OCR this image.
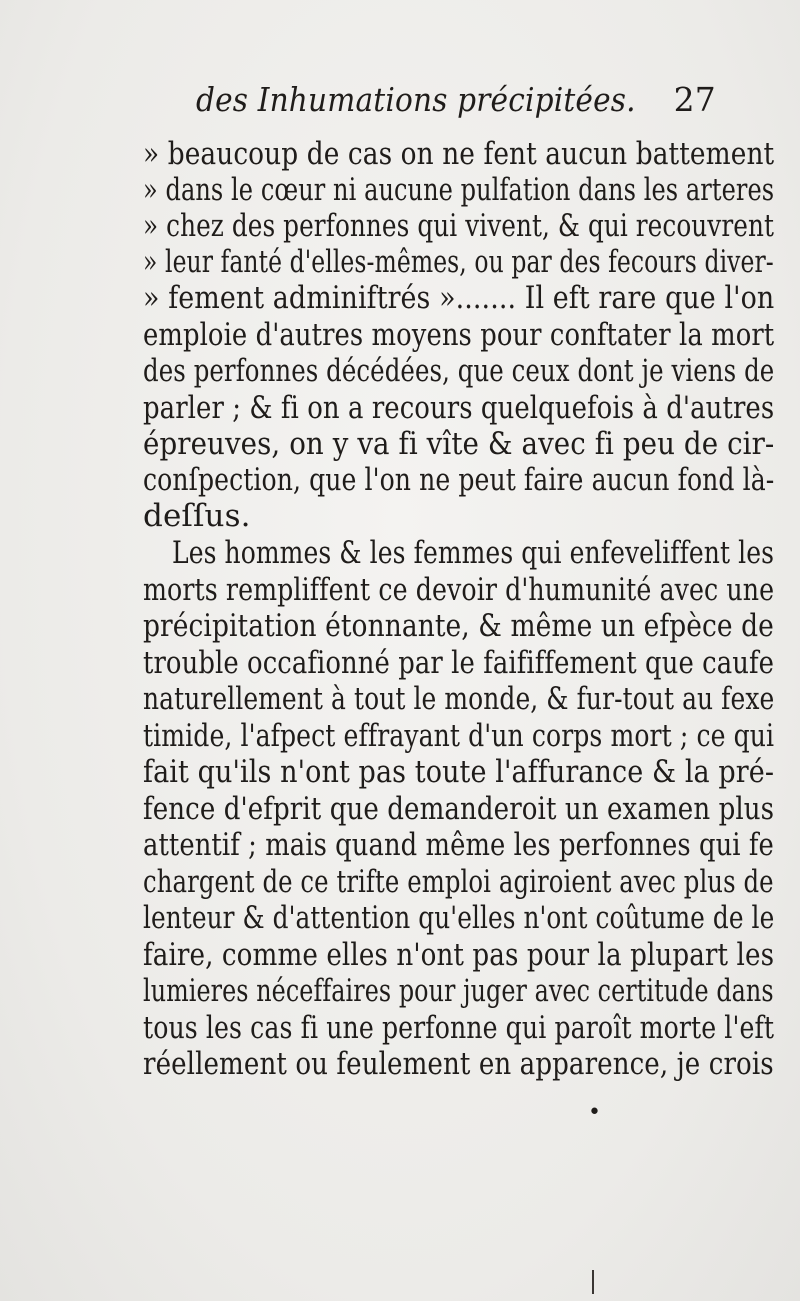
des Inhumations précipitées. 27
» beaucoup de cas on ne fent aucun battement
» dans le cœur ni aucune pulfation dans les arteres
» chez des perfonnes qui vivent, & qui recouvrent
» leur fanté d'elles-mêmes, ou par des fecours diver-
» fement adminiftrés »....... Il eft rare que l'on
emploie d'autres moyens pour conftater la mort
des perfonnes décédées, que ceux dont je viens de
parler ; & fi on a recours quelquefois à d'autres
épreuves, on y va fi vîte & avec fi peu de cir-
conſpection, que l'on ne peut faire aucun fond là-
deſſus.
Les hommes & les femmes qui enfeveliffent les
morts rempliffent ce devoir d'humunité avec une
précipitation étonnante, & même un efpèce de
trouble occafionné par le faififfement que caufe
naturellement à tout le monde, & fur-tout au fexe
timide, l'afpect effrayant d'un corps mort ; ce qui
fait qu'ils n'ont pas toute l'affurance & la pré-
fence d'efprit que demanderoit un examen plus
attentif ; mais quand même les perfonnes qui fe
chargent de ce trifte emploi agiroient avec plus de
lenteur & d'attention qu'elles n'ont coûtume de le
faire, comme elles n'ont pas pour la plupart les
lumieres néceffaires pour juger avec certitude dans
tous les cas fi une perfonne qui paroît morte l'eft
réellement ou feulement en apparence, je crois
•
